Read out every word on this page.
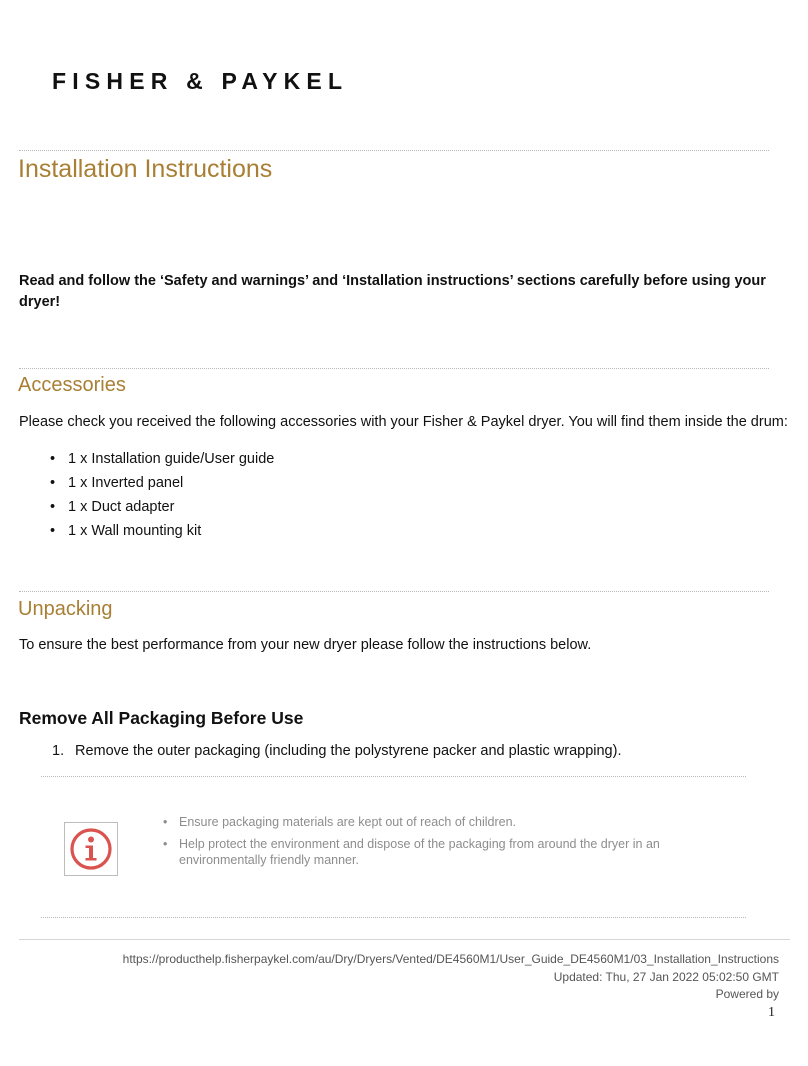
FISHER & PAYKEL
Installation Instructions
Read and follow the ‘Safety and warnings’ and ‘Installation instructions’ sections carefully before using your dryer!
Accessories
Please check you received the following accessories with your Fisher & Paykel dryer. You will find them inside the drum:
• 1 x Installation guide/User guide
• 1 x Inverted panel
• 1 x Duct adapter
• 1 x Wall mounting kit
Unpacking
To ensure the best performance from your new dryer please follow the instructions below.
Remove All Packaging Before Use
1. Remove the outer packaging (including the polystyrene packer and plastic wrapping).
• Ensure packaging materials are kept out of reach of children.
• Help protect the environment and dispose of the packaging from around the dryer in an environmentally friendly manner.
https://producthelp.fisherpaykel.com/au/Dry/Dryers/Vented/DE4560M1/User_Guide_DE4560M1/03_Installation_Instructions
Updated: Thu, 27 Jan 2022 05:02:50 GMT
Powered by
1
